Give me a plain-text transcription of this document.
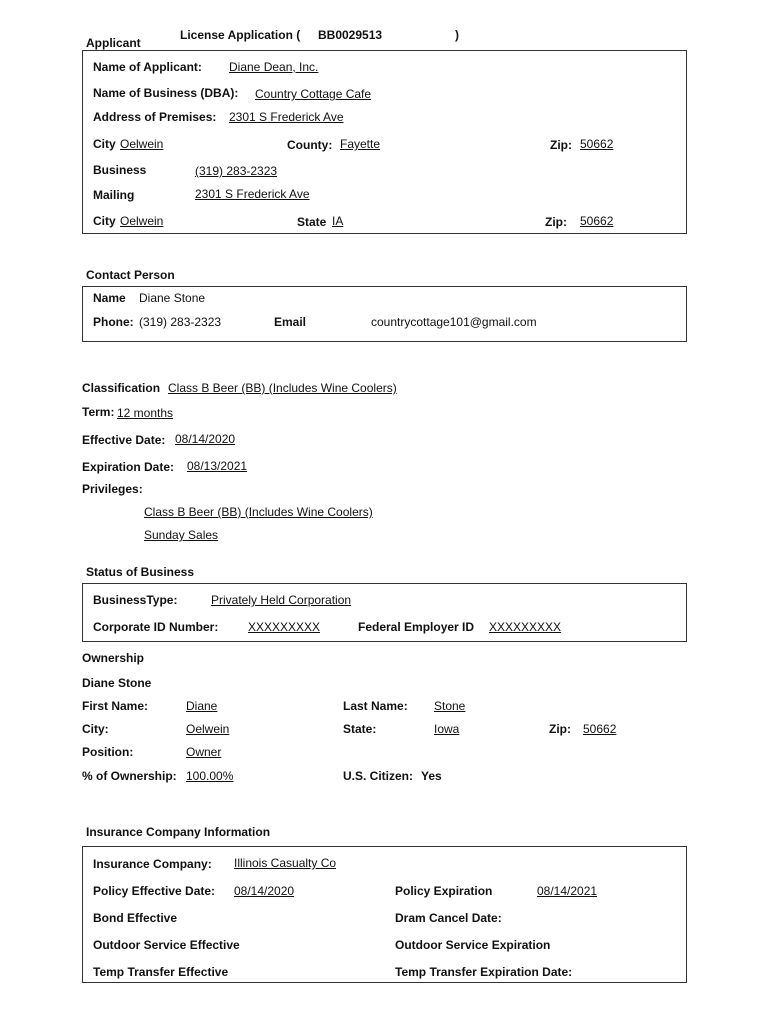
Applicant
License Application ( BB0029513	)
Name of Applicant: Diane Dean, Inc.
Name of Business (DBA): Country Cottage Cafe
Address of Premises: 2301 S Frederick Ave
City Oelwein	County: Fayette	Zip: 50662
Business	(319) 283-2323
Mailing	2301 S Frederick Ave
City Oelwein	State IA	Zip: 50662
Contact Person
Name Diane Stone
Phone: (319) 283-2323	Email	countrycottage101@gmail.com
Classification Class B Beer (BB) (Includes Wine Coolers)
Term: 12 months
Effective Date: 08/14/2020
Expiration Date: 08/13/2021
Privileges:
Class B Beer (BB) (Includes Wine Coolers)
Sunday Sales
Status of Business
BusinessType:	Privately Held Corporation
Corporate ID Number: XXXXXXXXX	Federal Employer ID XXXXXXXXX
Ownership
Diane Stone
First Name:	Diane	Last Name: Stone
City:	Oelwein	State:	Iowa	Zip: 50662
Position:	Owner
% of Ownership: 100.00%	U.S. Citizen: Yes
Insurance Company Information
Insurance Company: Illinois Casualty Co
Policy Effective Date: 08/14/2020	Policy Expiration	08/14/2021
Bond Effective	Dram Cancel Date:
Outdoor Service Effective	Outdoor Service Expiration
Temp Transfer Effective	Temp Transfer Expiration Date:
